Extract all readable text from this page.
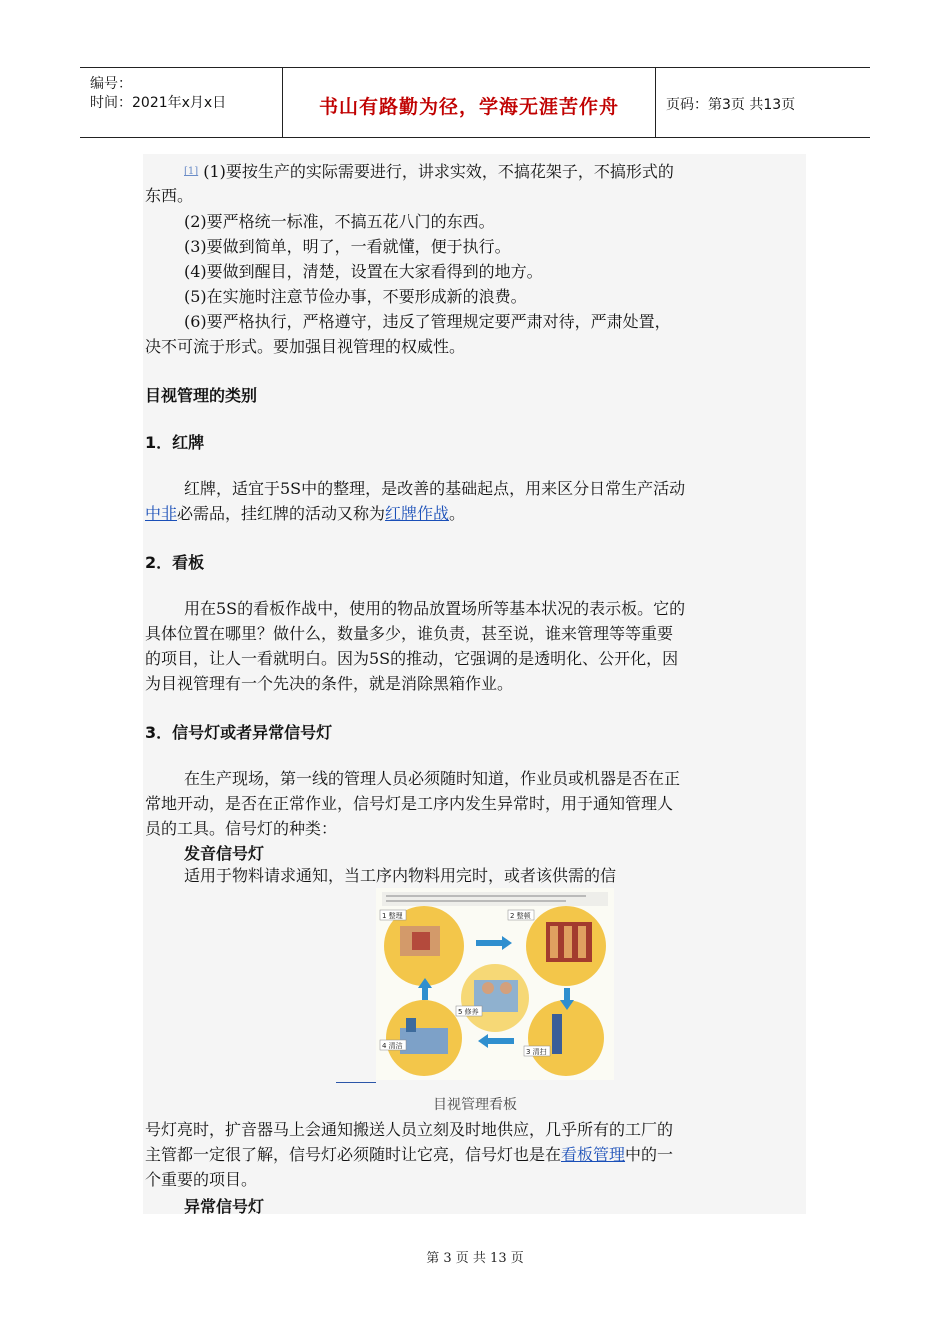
编号：
时间：2021年x月x日	书山有路勤为径，学海无涯苦作舟	页码：第3页 共13页
[1] (1)要按生产的实际需要进行，讲求实效，不搞花架子，不搞形式的
东西。
(2)要严格统一标准，不搞五花八门的东西。
(3)要做到简单，明了，一看就懂，便于执行。
(4)要做到醒目，清楚，设置在大家看得到的地方。
(5)在实施时注意节俭办事，不要形成新的浪费。
(6)要严格执行，严格遵守，违反了管理规定要严肃对待，严肃处置，
决不可流于形式。要加强目视管理的权威性。
目视管理的类别
1．红牌
红牌，适宜于5S中的整理，是改善的基础起点，用来区分日常生产活动
中非必需品，挂红牌的活动又称为红牌作战。
2．看板
用在5S的看板作战中，使用的物品放置场所等基本状况的表示板。它的
具体位置在哪里？做什么，数量多少，谁负责，甚至说，谁来管理等等重要
的项目，让人一看就明白。因为5S的推动，它强调的是透明化、公开化，因
为目视管理有一个先决的条件，就是消除黑箱作业。
3．信号灯或者异常信号灯
在生产现场，第一线的管理人员必须随时知道，作业员或机器是否在正
常地开动，是否在正常作业，信号灯是工序内发生异常时，用于通知管理人
员的工具。信号灯的种类：
发音信号灯
适用于物料请求通知，当工序内物料用完时，或者该供需的信
1 整理	2 整顿
3 清扫
4 清洁
5 修养
目视管理看板
号灯亮时，扩音器马上会通知搬送人员立刻及时地供应，几乎所有的工厂的
主管都一定很了解，信号灯必须随时让它亮，信号灯也是在看板管理中的一
个重要的项目。
异常信号灯
第 3 页 共 13 页
